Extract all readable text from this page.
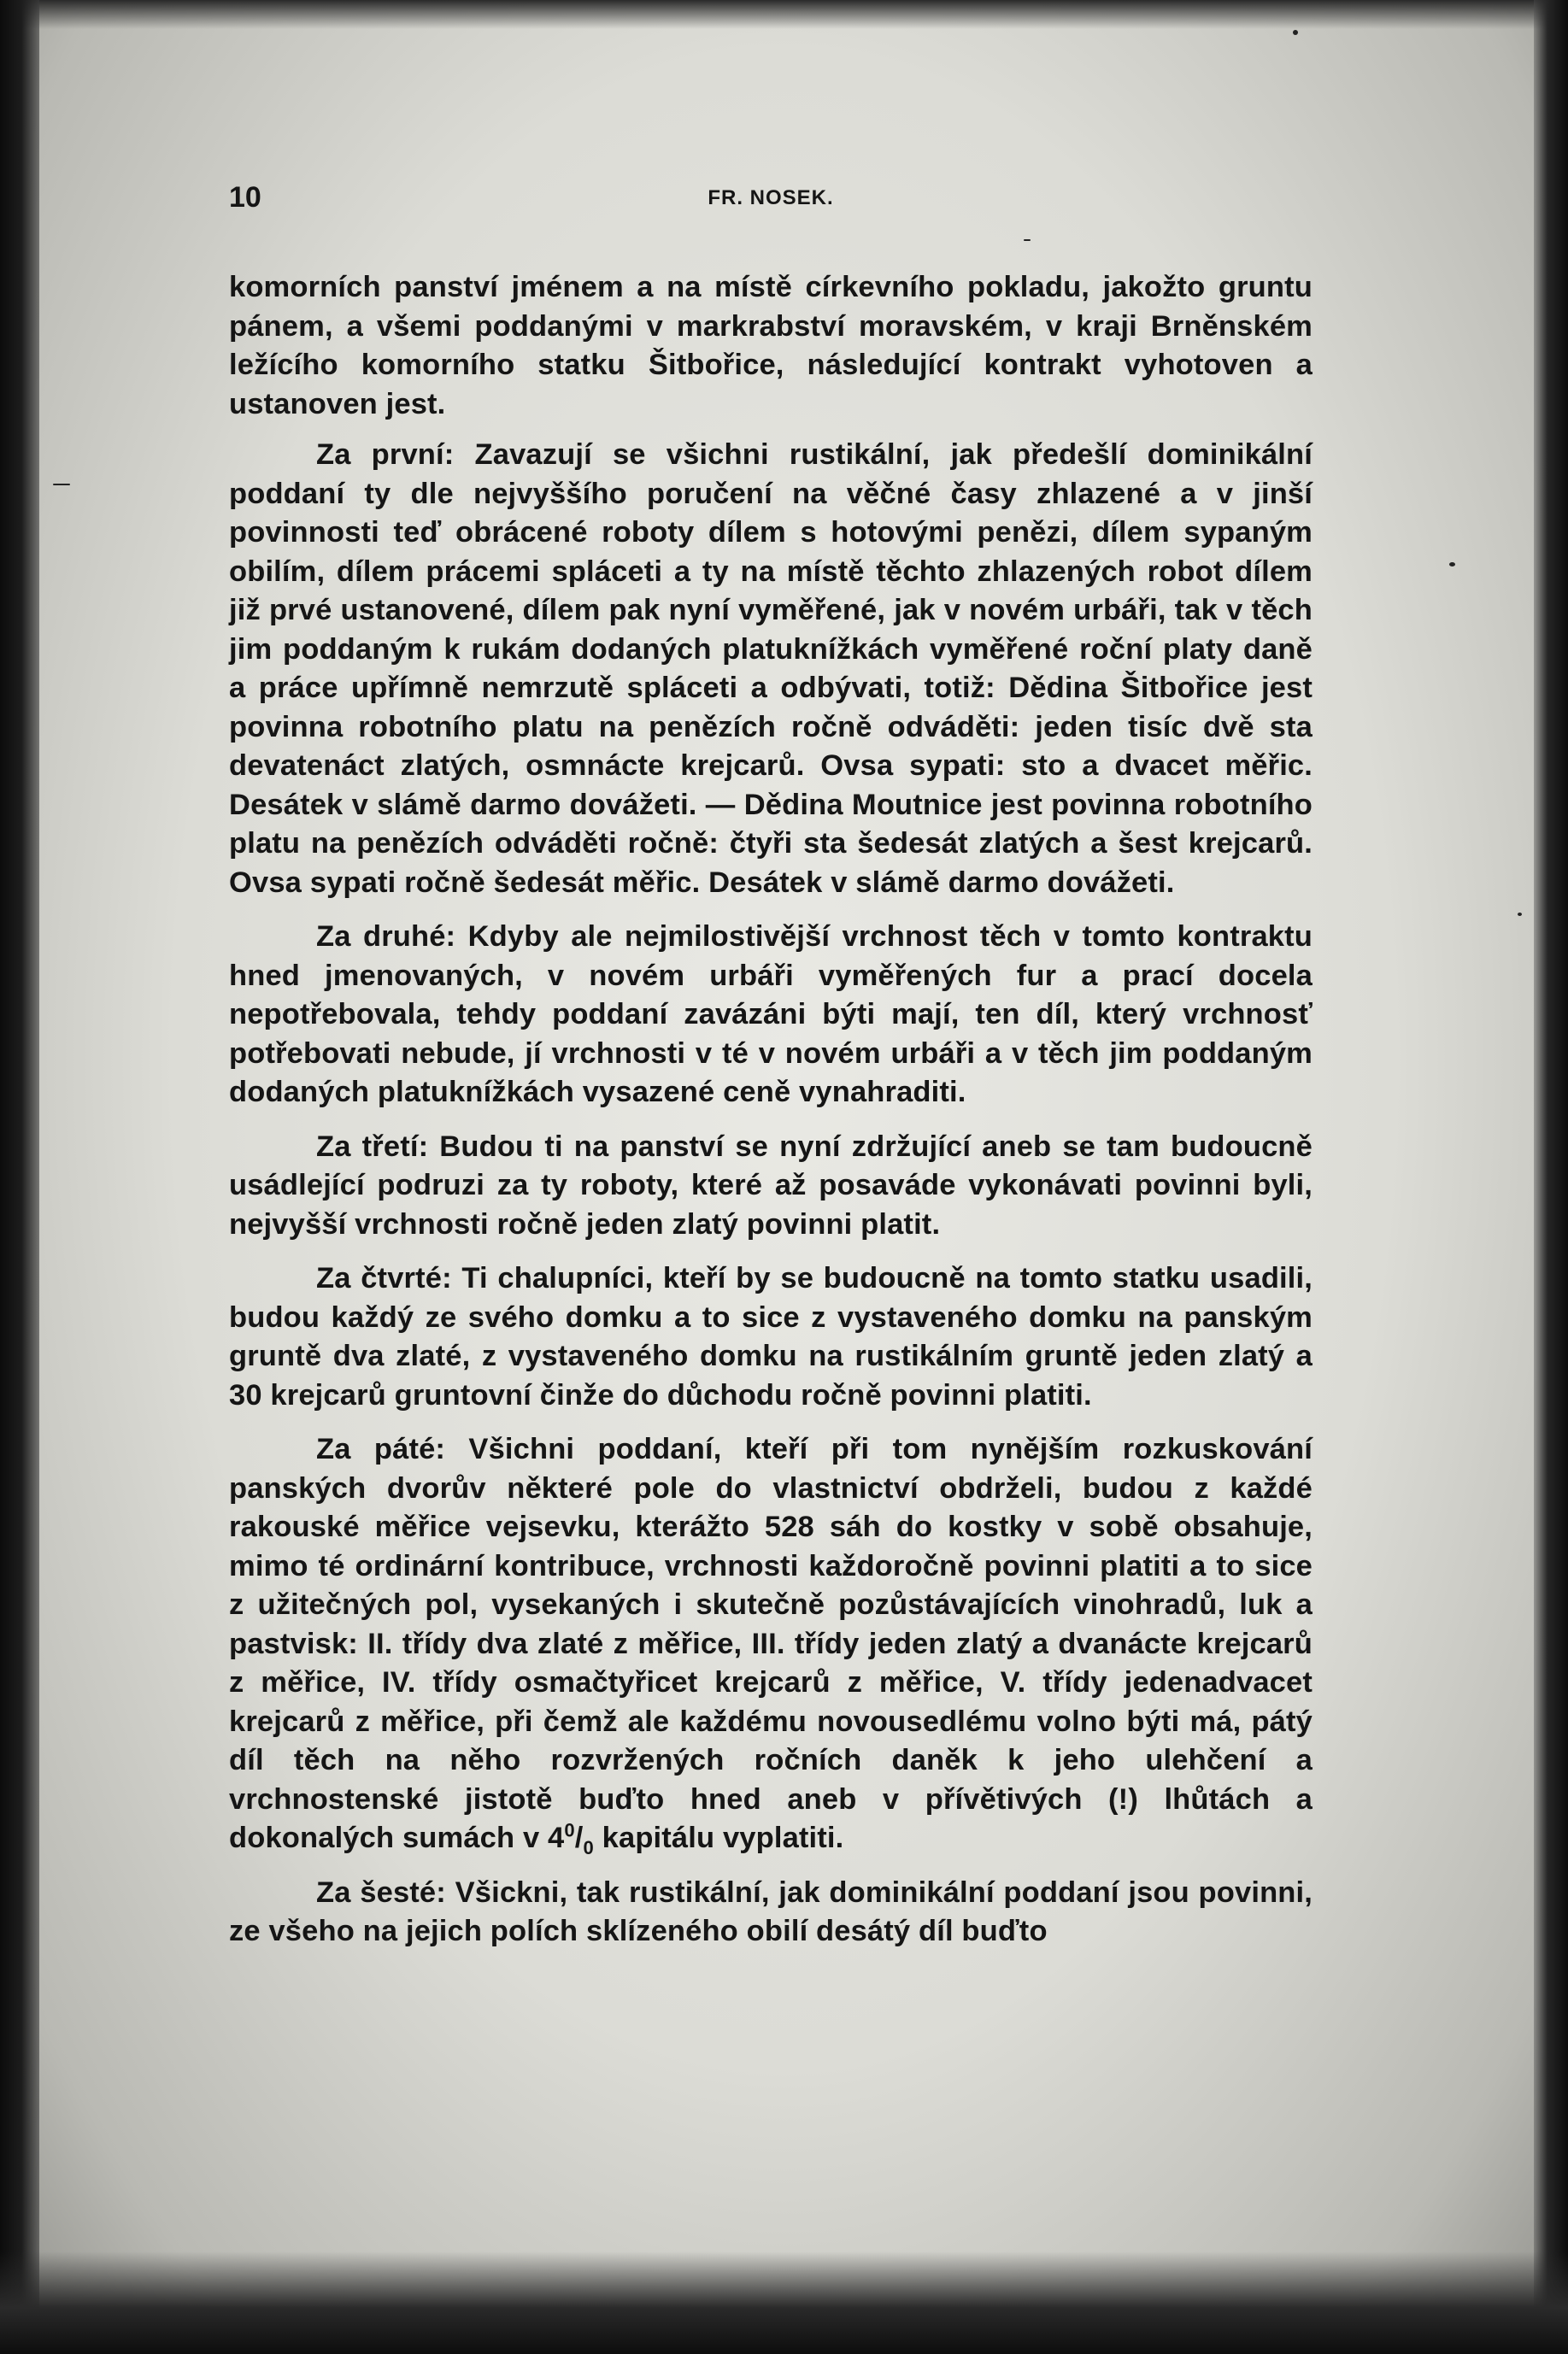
10	FR. NOSEK.

komorních panství jménem a na místě církevního pokladu, jakožto gruntu pánem, a všemi poddanými v markrabství moravském, v kraji Brněnském ležícího komorního statku Šitbořice, následující kontrakt vyhotoven a ustanoven jest.

Za první: Zavazují se všichni rustikální, jak předešlí dominikální poddaní ty dle nejvyššího poručení na věčné časy zhlazené a v jinší povinnosti teď obrácené roboty dílem s hotovými penězi, dílem sypaným obilím, dílem prácemi spláceti a ty na místě těchto zhlazených robot dílem již prvé ustanovené, dílem pak nyní vyměřené, jak v novém urbáři, tak v těch jim poddaným k rukám dodaných platuknížkách vyměřené roční platy daně a práce upřímně nemrzutě spláceti a odbývati, totiž: Dědina Šitbořice jest povinna robotního platu na penězích ročně odváděti: jeden tisíc dvě sta devatenáct zlatých, osmnácte krejcarů. Ovsa sypati: sto a dvacet měřic. Desátek v slámě darmo dovážeti. — Dědina Moutnice jest povinna robotního platu na penězích odváděti ročně: čtyři sta šedesát zlatých a šest krejcarů. Ovsa sypati ročně šedesát měřic. Desátek v slámě darmo dovážeti.

Za druhé: Kdyby ale nejmilostivější vrchnost těch v tomto kontraktu hned jmenovaných, v novém urbáři vyměřených fur a prací docela nepotřebovala, tehdy poddaní zavázáni býti mají, ten díl, který vrchnosť potřebovati nebude, jí vrchnosti v té v novém urbáři a v těch jim poddaným dodaných platuknížkách vysazené ceně vynahraditi.

Za třetí: Budou ti na panství se nyní zdržující aneb se tam budoucně usádlející podruzi za ty roboty, které až posaváde vykonávati povinni byli, nejvyšší vrchnosti ročně jeden zlatý povinni platit.

Za čtvrté: Ti chalupníci, kteří by se budoucně na tomto statku usadili, budou každý ze svého domku a to sice z vystaveného domku na panským gruntě dva zlaté, z vystaveného domku na rustikálním gruntě jeden zlatý a 30 krejcarů gruntovní činže do důchodu ročně povinni platiti.

Za páté: Všichni poddaní, kteří při tom nynějším rozkuskování panských dvorův některé pole do vlastnictví obdrželi, budou z každé rakouské měřice vejsevku, kterážto 528 sáh do kostky v sobě obsahuje, mimo té ordinární kontribuce, vrchnosti každoročně povinni platiti a to sice z užitečných pol, vysekaných i skutečně pozůstávajících vinohradů, luk a pastvisk: II. třídy dva zlaté z měřice, III. třídy jeden zlatý a dvanácte krejcarů z měřice, IV. třídy osmačtyřicet krejcarů z měřice, V. třídy jedenadvacet krejcarů z měřice, při čemž ale každému novousedlému volno býti má, pátý díl těch na něho rozvržených ročních daněk k jeho ulehčení a vrchnostenské jistotě buďto hned aneb v přívětivých (!) lhůtách a dokonalých sumách v $4^0/_0$ kapitálu vyplatiti.

Za šesté: Všickni, tak rustikální, jak dominikální poddaní jsou povinni, ze všeho na jejich polích sklízeného obilí desátý díl buďto
